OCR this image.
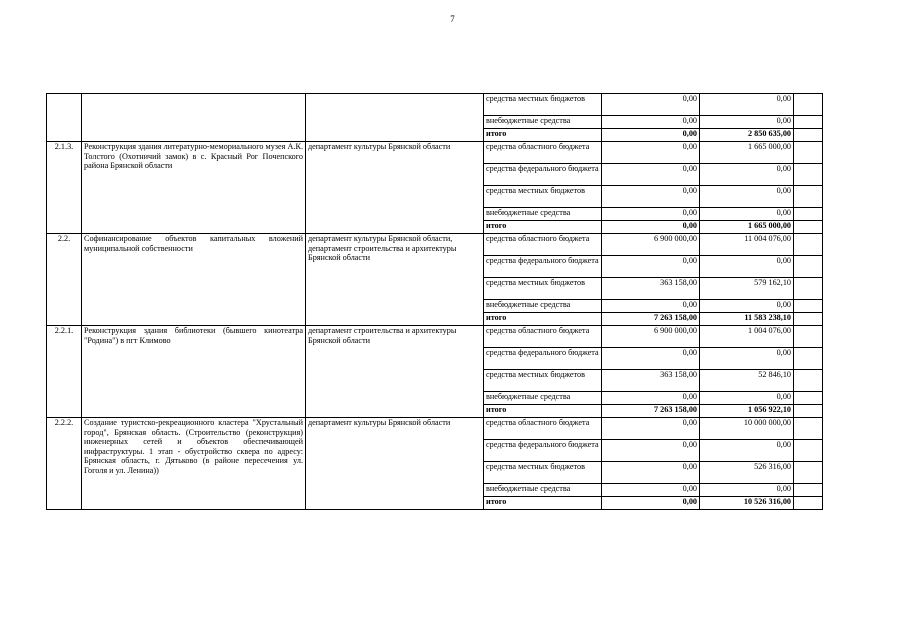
7
			средства местных бюджетов	0,00	0,00	
			внебюджетные средства	0,00	0,00	
			итого	0,00	2 850 635,00	
2.1.3.	Реконструкция здания литературно-мемориального музея А.К. Толстого (Охотничий замок) в с. Красный Рог Почепского района Брянской области	департамент культуры Брянской области	средства областного бюджета	0,00	1 665 000,00	
			средства федерального бюджета	0,00	0,00	
			средства местных бюджетов	0,00	0,00	
			внебюджетные средства	0,00	0,00	
			итого	0,00	1 665 000,00	
2.2.	Софинансирование объектов капитальных вложений муниципальной собственности	департамент культуры Брянской области, департамент строительства и архитектуры Брянской области	средства областного бюджета	6 900 000,00	11 004 076,00	
			средства федерального бюджета	0,00	0,00	
			средства местных бюджетов	363 158,00	579 162,10	
			внебюджетные средства	0,00	0,00	
			итого	7 263 158,00	11 583 238,10	
2.2.1.	Реконструкция здания библиотеки (бывшего кинотеатра "Родина") в пгт Климово	департамент строительства и архитектуры Брянской области	средства областного бюджета	6 900 000,00	1 004 076,00	
			средства федерального бюджета	0,00	0,00	
			средства местных бюджетов	363 158,00	52 846,10	
			внебюджетные средства	0,00	0,00	
			итого	7 263 158,00	1 056 922,10	
2.2.2.	Создание туристско-рекреационного кластера "Хрустальный город", Брянская область. (Строительство (реконструкция) инженерных сетей и объектов обеспечивающей инфраструктуры. 1 этап - обустройство сквера по адресу: Брянская область, г. Дятьково (в районе пересечения ул. Гоголя и ул. Ленина))	департамент культуры Брянской области	средства областного бюджета	0,00	10 000 000,00	
			средства федерального бюджета	0,00	0,00	
			средства местных бюджетов	0,00	526 316,00	
			внебюджетные средства	0,00	0,00	
			итого	0,00	10 526 316,00	
